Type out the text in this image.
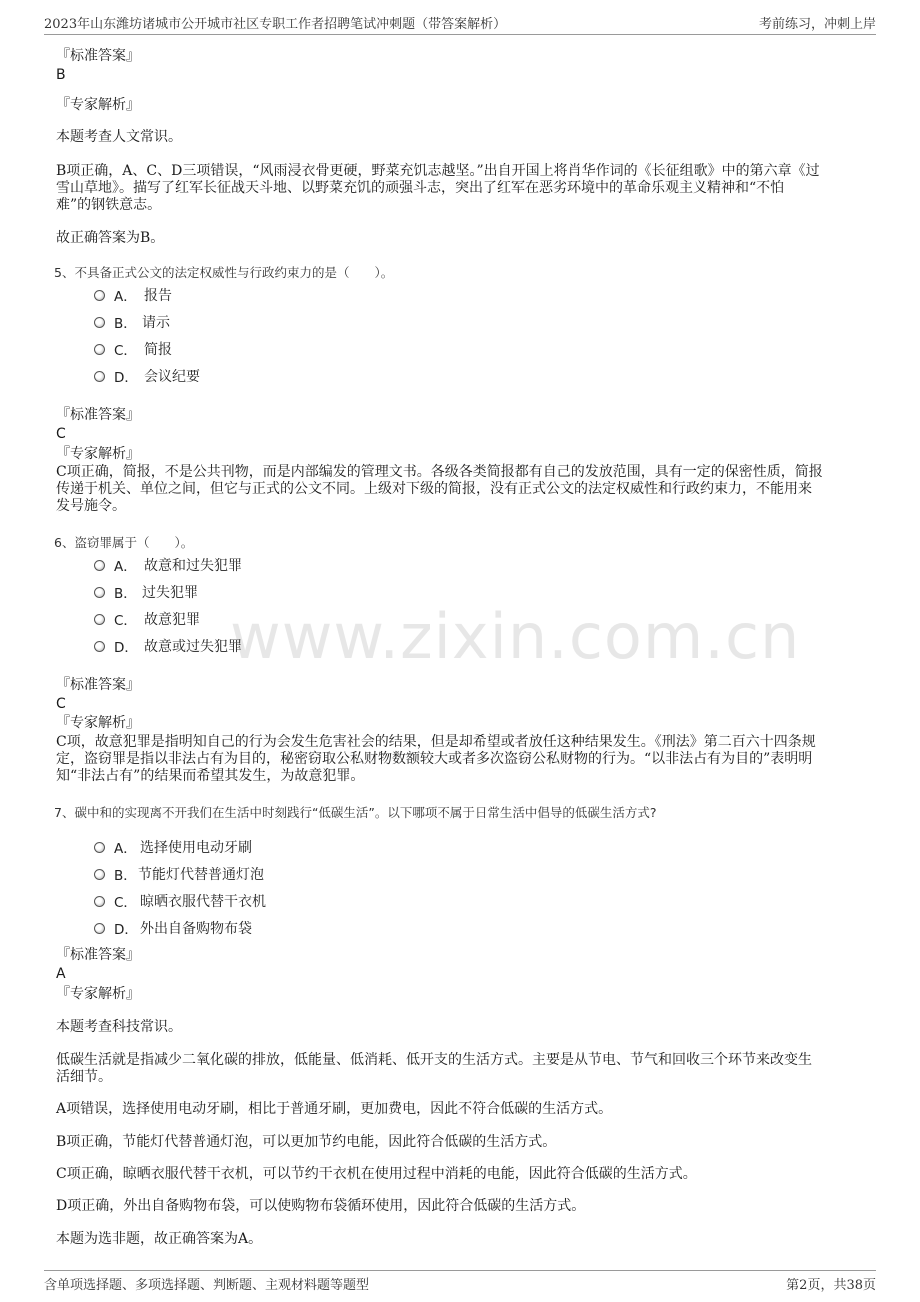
2023年山东潍坊诸城市公开城市社区专职工作者招聘笔试冲刺题（带答案解析）	考前练习，冲刺上岸
www.zixin.com.cn
『标准答案』
B
『专家解析』
本题考查人文常识。
B项正确，A、C、D三项错误，“风雨浸衣骨更硬，野菜充饥志越坚。”出自开国上将肖华作词的《长征组歌》中的第六章《过
雪山草地》。描写了红军长征战天斗地、以野菜充饥的顽强斗志，突出了红军在恶劣环境中的革命乐观主义精神和“不怕
难”的钢铁意志。
故正确答案为B。
5、不具备正式公文的法定权威性与行政约束力的是（　　）。
A． 报告
B． 请示
C． 简报
D． 会议纪要
『标准答案』
C
『专家解析』
C项正确，简报，不是公共刊物，而是内部编发的管理文书。各级各类简报都有自己的发放范围，具有一定的保密性质，简报
传递于机关、单位之间，但它与正式的公文不同。上级对下级的简报，没有正式公文的法定权威性和行政约束力，不能用来
发号施令。
6、盗窃罪属于（　　）。
A． 故意和过失犯罪
B． 过失犯罪
C． 故意犯罪
D． 故意或过失犯罪
『标准答案』
C
『专家解析』
C项，故意犯罪是指明知自己的行为会发生危害社会的结果，但是却希望或者放任这种结果发生。《刑法》第二百六十四条规
定，盗窃罪是指以非法占有为目的，秘密窃取公私财物数额较大或者多次盗窃公私财物的行为。“以非法占有为目的”表明明
知“非法占有”的结果而希望其发生，为故意犯罪。
7、碳中和的实现离不开我们在生活中时刻践行“低碳生活”。以下哪项不属于日常生活中倡导的低碳生活方式?
A． 选择使用电动牙刷
B． 节能灯代替普通灯泡
C． 晾晒衣服代替干衣机
D． 外出自备购物布袋
『标准答案』
A
『专家解析』
本题考查科技常识。
低碳生活就是指减少二氧化碳的排放，低能量、低消耗、低开支的生活方式。主要是从节电、节气和回收三个环节来改变生
活细节。
A项错误，选择使用电动牙刷，相比于普通牙刷，更加费电，因此不符合低碳的生活方式。
B项正确，节能灯代替普通灯泡，可以更加节约电能，因此符合低碳的生活方式。
C项正确，晾晒衣服代替干衣机，可以节约干衣机在使用过程中消耗的电能，因此符合低碳的生活方式。
D项正确，外出自备购物布袋，可以使购物布袋循环使用，因此符合低碳的生活方式。
本题为选非题，故正确答案为A。
含单项选择题、多项选择题、判断题、主观材料题等题型	第2页，共38页
